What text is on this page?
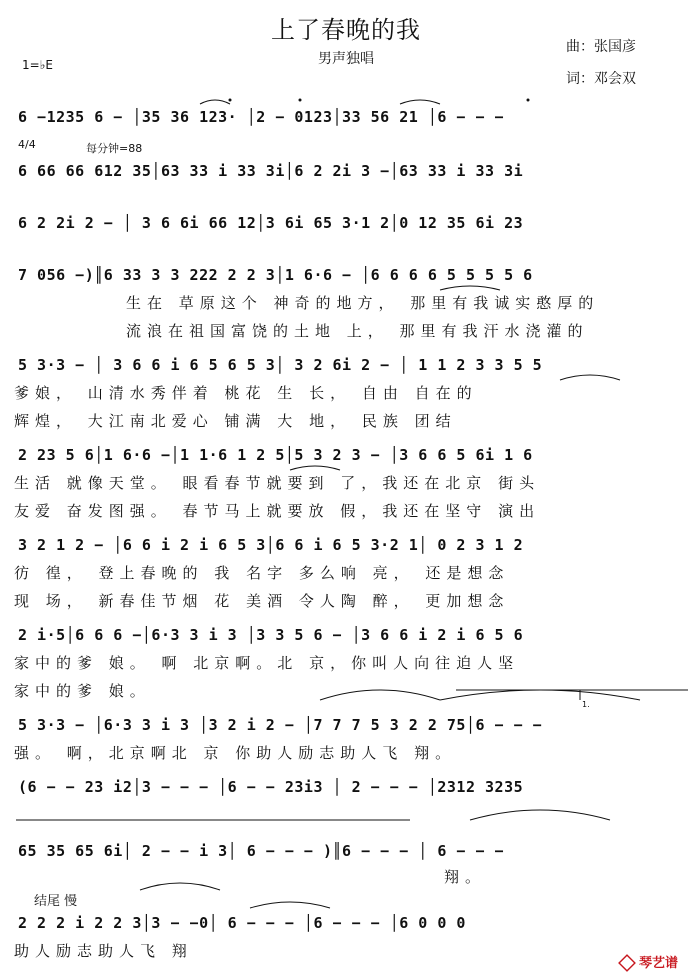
上了春晚的我
男声独唱
曲：张国彦
词：邓会双
1=♭E
4/4	每分钟=88
6 −1235 6 − │35 36 123· │2 − 0123│33 56 21 │6 − − −
6 66 66 612 35│63 33 i 33 3i│6 2 2i 3 −│63 33 i 33 3i
6 2 2i 2 − │ 3 6 6i 66 12│3 6i 65 3·1 2│0 12 35 6i 23
7 056 −)║6 33 3 3 222 2 2 3│1 6·6 − │6 6 6 6 5 5 5 5 6
生在 草原这个 神奇的地方， 那里有我诚实憨厚的
流浪在祖国富饶的土地 上， 那里有我汗水浇灌的
5 3·3 − │ 3 6 6 i 6 5 6 5 3│ 3 2 6i 2 − │ 1 1 2 3 3 5 5
爹娘， 山清水秀伴着 桃花 生 长， 自由 自在的
辉煌， 大江南北爱心 铺满 大 地， 民族 团结
2 23 5 6│1 6·6 −│1 1·6 1 2 5│5 3 2 3 − │3 6 6 5 6i 1 6
生活 就像天堂。 眼看春节就要到 了，我还在北京 街头
友爱 奋发图强。 春节马上就要放 假，我还在坚守 演出
3 2 1 2 − │6 6 i 2 i 6 5 3│6 6 i 6 5 3·2 1│ 0 2 3 1 2
彷 徨， 登上春晚的 我 名字 多么响 亮， 还是想念
现 场， 新春佳节烟 花 美酒 令人陶 醉， 更加想念
2 i·5│6 6 6 −│6·3 3 i 3 │3 3 5 6 − │3 6 6 i 2 i 6 5 6
家中的爹 娘。 啊 北京啊。北 京，你叫人向往迫人坚
家中的爹 娘。
5 3·3 − │6·3 3 i 3 │3 2 i 2 − │7 7 7 5 3 2 2 75│6 − − −
强。 啊，北京啊北 京 你助人励志助人飞 翔。
1.
(6 − − 23 i2│3 − − − │6 − − 23i3 │ 2 − − − │2312 3235
65 35 65 6i│ 2 − − i 3│ 6 − − − )║6 − − − │ 6 − − −
翔。
结尾 慢
2 2 2 i 2 2 3│3 − −0│ 6 − − − │6 − − − │6 0 0 0
助人励志助人飞 翔
琴艺谱
